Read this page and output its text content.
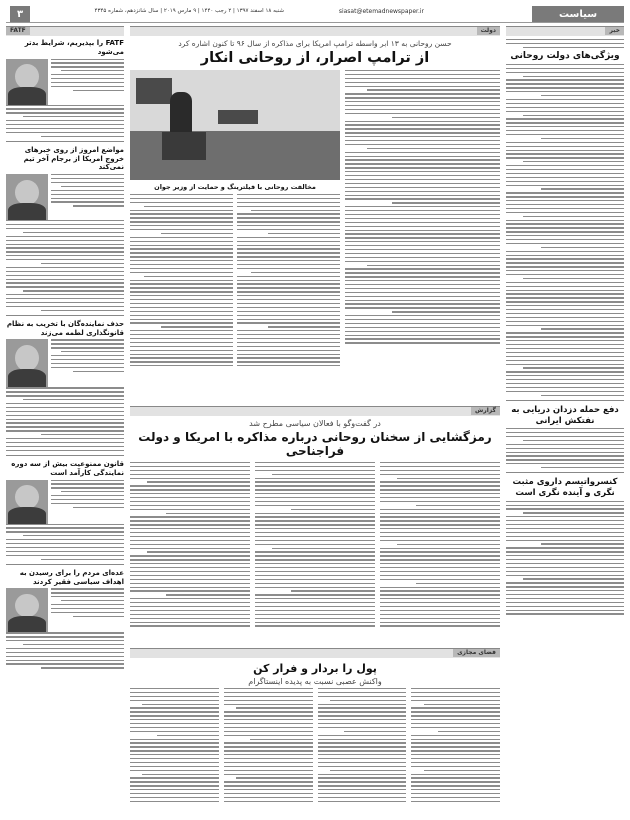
سیاست
siasat@etemadnewspaper.ir
شنبه ۱۸ اسفند ۱۳۹۷ | ۲ رجب ۱۴۴۰ | ۹ مارس ۲۰۱۹ | سال شانزدهم، شماره ۴۳۴۵
۳
خبر
ویژگی‌های دولت روحانی
دفع حمله دزدان دریایی به نفتکش ایرانی
کنسرواتیسم داروی مثبت نگری و آینده نگری است
دولت
حسن روحانی به ۱۳ ابر واسطه ترامپ امریکا برای مذاکره از سال ۹۶ تا کنون اشاره کرد
از ترامپ اصرار، از روحانی انکار
مخالفت روحانی با فیلترینگ و حمایت از وزیر جوان
گزارش
در گفت‌وگو با فعالان سیاسی مطرح شد
رمزگشایی از سخنان روحانی درباره مذاکره با امریکا و دولت فراجناحی
فضای مجازی
پول را بردار و فرار کن
واکنش عصبی نسبت به پدیده اینستاگرام
FATF
FATF را بپذیریم، شرایط بدتر می‌شود
مواضع امروز از روی خبرهای خروج امریکا از برجام آخر تیم نمی‌کند
حذف نماینده‌گان با تخریب به نظام قانونگذاری لطمه می‌زند
قانون ممنوعیت بیش از سه دوره نمایندگی کارآمد است
عده‌ای مردم را برای رسیدن به اهداف سیاسی فقیر کردند
